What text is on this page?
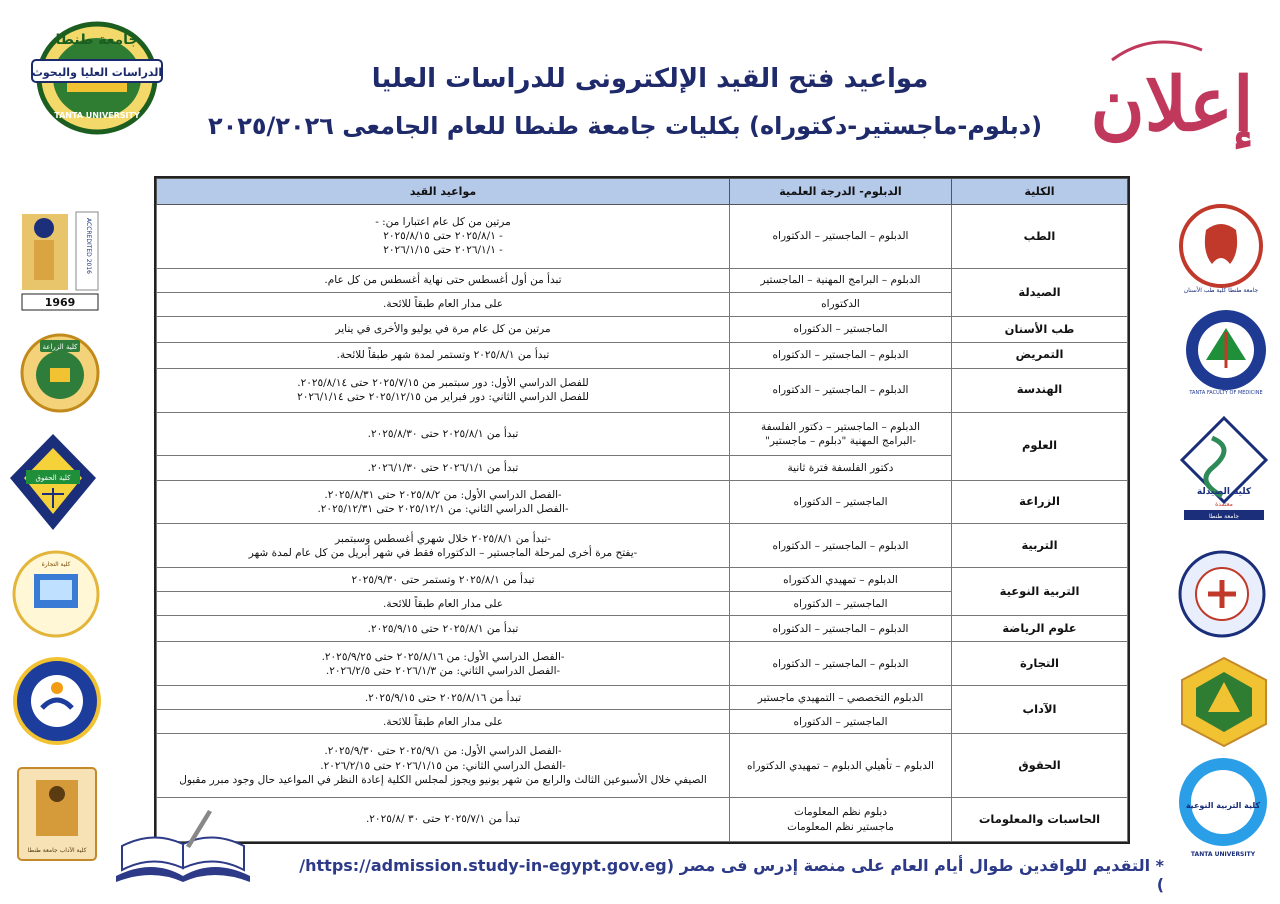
الدراسات العليا والبحوث
جامعة طنطا
TANTA UNIVERSITY
مواعيد فتح القيد الإلكترونى للدراسات العليا
(دبلوم-ماجستير-دكتوراه) بكليات جامعة طنطا للعام الجامعى ٢٠٢٥/٢٠٢٦ إعلان
ACCREDITED 2016
1969
كلية الزراعة
كلية الحقوق
كلية التجارة
كلية الآداب جامعة طنطا
جامعة طنطا كلية طب الأسنان
TANTA FACULTY OF MEDICINE
كلية الصيدلة
معتمدة
جامعة طنطا
كلية التربية النوعية
TANTA UNIVERSITY
الكلية	الدبلوم- الدرجة العلمية	مواعيد القيد
الطب	الدبلوم – الماجستير – الدكتوراه	مرتين من كل عام اعتبارا من: -
- ٢٠٢٥/٨/١ حتى ٢٠٢٥/٨/١٥
- ٢٠٢٦/١/١ حتى ٢٠٢٦/١/١٥

الصيدلة	الدبلوم – البرامج المهنية – الماجستير	تبدأ من أول أغسطس حتى نهاية أغسطس من كل عام.

	الدكتوراه	على مدار العام طبقاً للائحة.

طب الأسنان	الماجستير – الدكتوراه	مرتين من كل عام مرة في يوليو والأخرى في يناير

التمريض	الدبلوم – الماجستير – الدكتوراه	تبدأ من ٢٠٢٥/٨/١ وتستمر لمدة شهر طبقاً للائحة.

الهندسة	الدبلوم – الماجستير – الدكتوراه	للفصل الدراسي الأول: دور سبتمبر من ٢٠٢٥/٧/١٥ حتى ٢٠٢٥/٨/١٤.
للفصل الدراسي الثاني: دور فبراير من ٢٠٢٥/١٢/١٥ حتى ٢٠٢٦/١/١٤

العلوم	الدبلوم – الماجستير – دكتور الفلسفة
-البرامج المهنية "دبلوم – ماجستير"	تبدأ من ٢٠٢٥/٨/١ حتى ٢٠٢٥/٨/٣٠.

	دكتور الفلسفة فترة ثانية	تبدأ من ٢٠٢٦/١/١ حتى ٢٠٢٦/١/٣٠.

الزراعة	الماجستير – الدكتوراه	-الفصل الدراسي الأول: من ٢٠٢٥/٨/٢ حتى ٢٠٢٥/٨/٣١.
-الفصل الدراسي الثاني: من ٢٠٢٥/١٢/١ حتى ٢٠٢٥/١٢/٣١.

التربية	الدبلوم – الماجستير – الدكتوراه	-تبدأ من ٢٠٢٥/٨/١ خلال شهري أغسطس وسبتمبر
-يفتح مرة أخرى لمرحلة الماجستير – الدكتوراه فقط في شهر أبريل من كل عام لمدة شهر

التربية النوعية	الدبلوم – تمهيدي الدكتوراه	تبدأ من ٢٠٢٥/٨/١ وتستمر حتى ٢٠٢٥/٩/٣٠

	الماجستير – الدكتوراه	على مدار العام طبقاً للائحة.

علوم الرياضة	الدبلوم – الماجستير – الدكتوراه	تبدأ من ٢٠٢٥/٨/١ حتى ٢٠٢٥/٩/١٥.

التجارة	الدبلوم – الماجستير – الدكتوراه	-الفصل الدراسي الأول: من ٢٠٢٥/٨/١٦ حتى ٢٠٢٥/٩/٢٥.
-الفصل الدراسي الثاني: من ٢٠٢٦/١/٣ حتى ٢٠٢٦/٢/٥.

الآداب	الدبلوم التخصصي – التمهيدي ماجستير	تبدأ من ٢٠٢٥/٨/١٦ حتى ٢٠٢٥/٩/١٥.

	الماجستير – الدكتوراه	على مدار العام طبقاً للائحة.

الحقوق	الدبلوم – تأهيلي الدبلوم – تمهيدي الدكتوراه	-الفصل الدراسي الأول: من ٢٠٢٥/٩/١ حتى ٢٠٢٥/٩/٣٠.
-الفصل الدراسي الثاني: من ٢٠٢٦/١/١٥ حتى ٢٠٢٦/٢/١٥.
الصيفي خلال الأسبوعين الثالث والرابع من شهر يونيو ويجوز لمجلس الكلية إعادة النظر في المواعيد حال وجود مبرر مقبول

الحاسبات والمعلومات	دبلوم نظم المعلومات
ماجستير نظم المعلومات	تبدأ من ٢٠٢٥/٧/١ حتى ٣٠ /٢٠٢٥/٨.
* التقديم للوافدين طوال أيام العام على منصة إدرس فى مصر (https://admission.study-in-egypt.gov.eg/ )
